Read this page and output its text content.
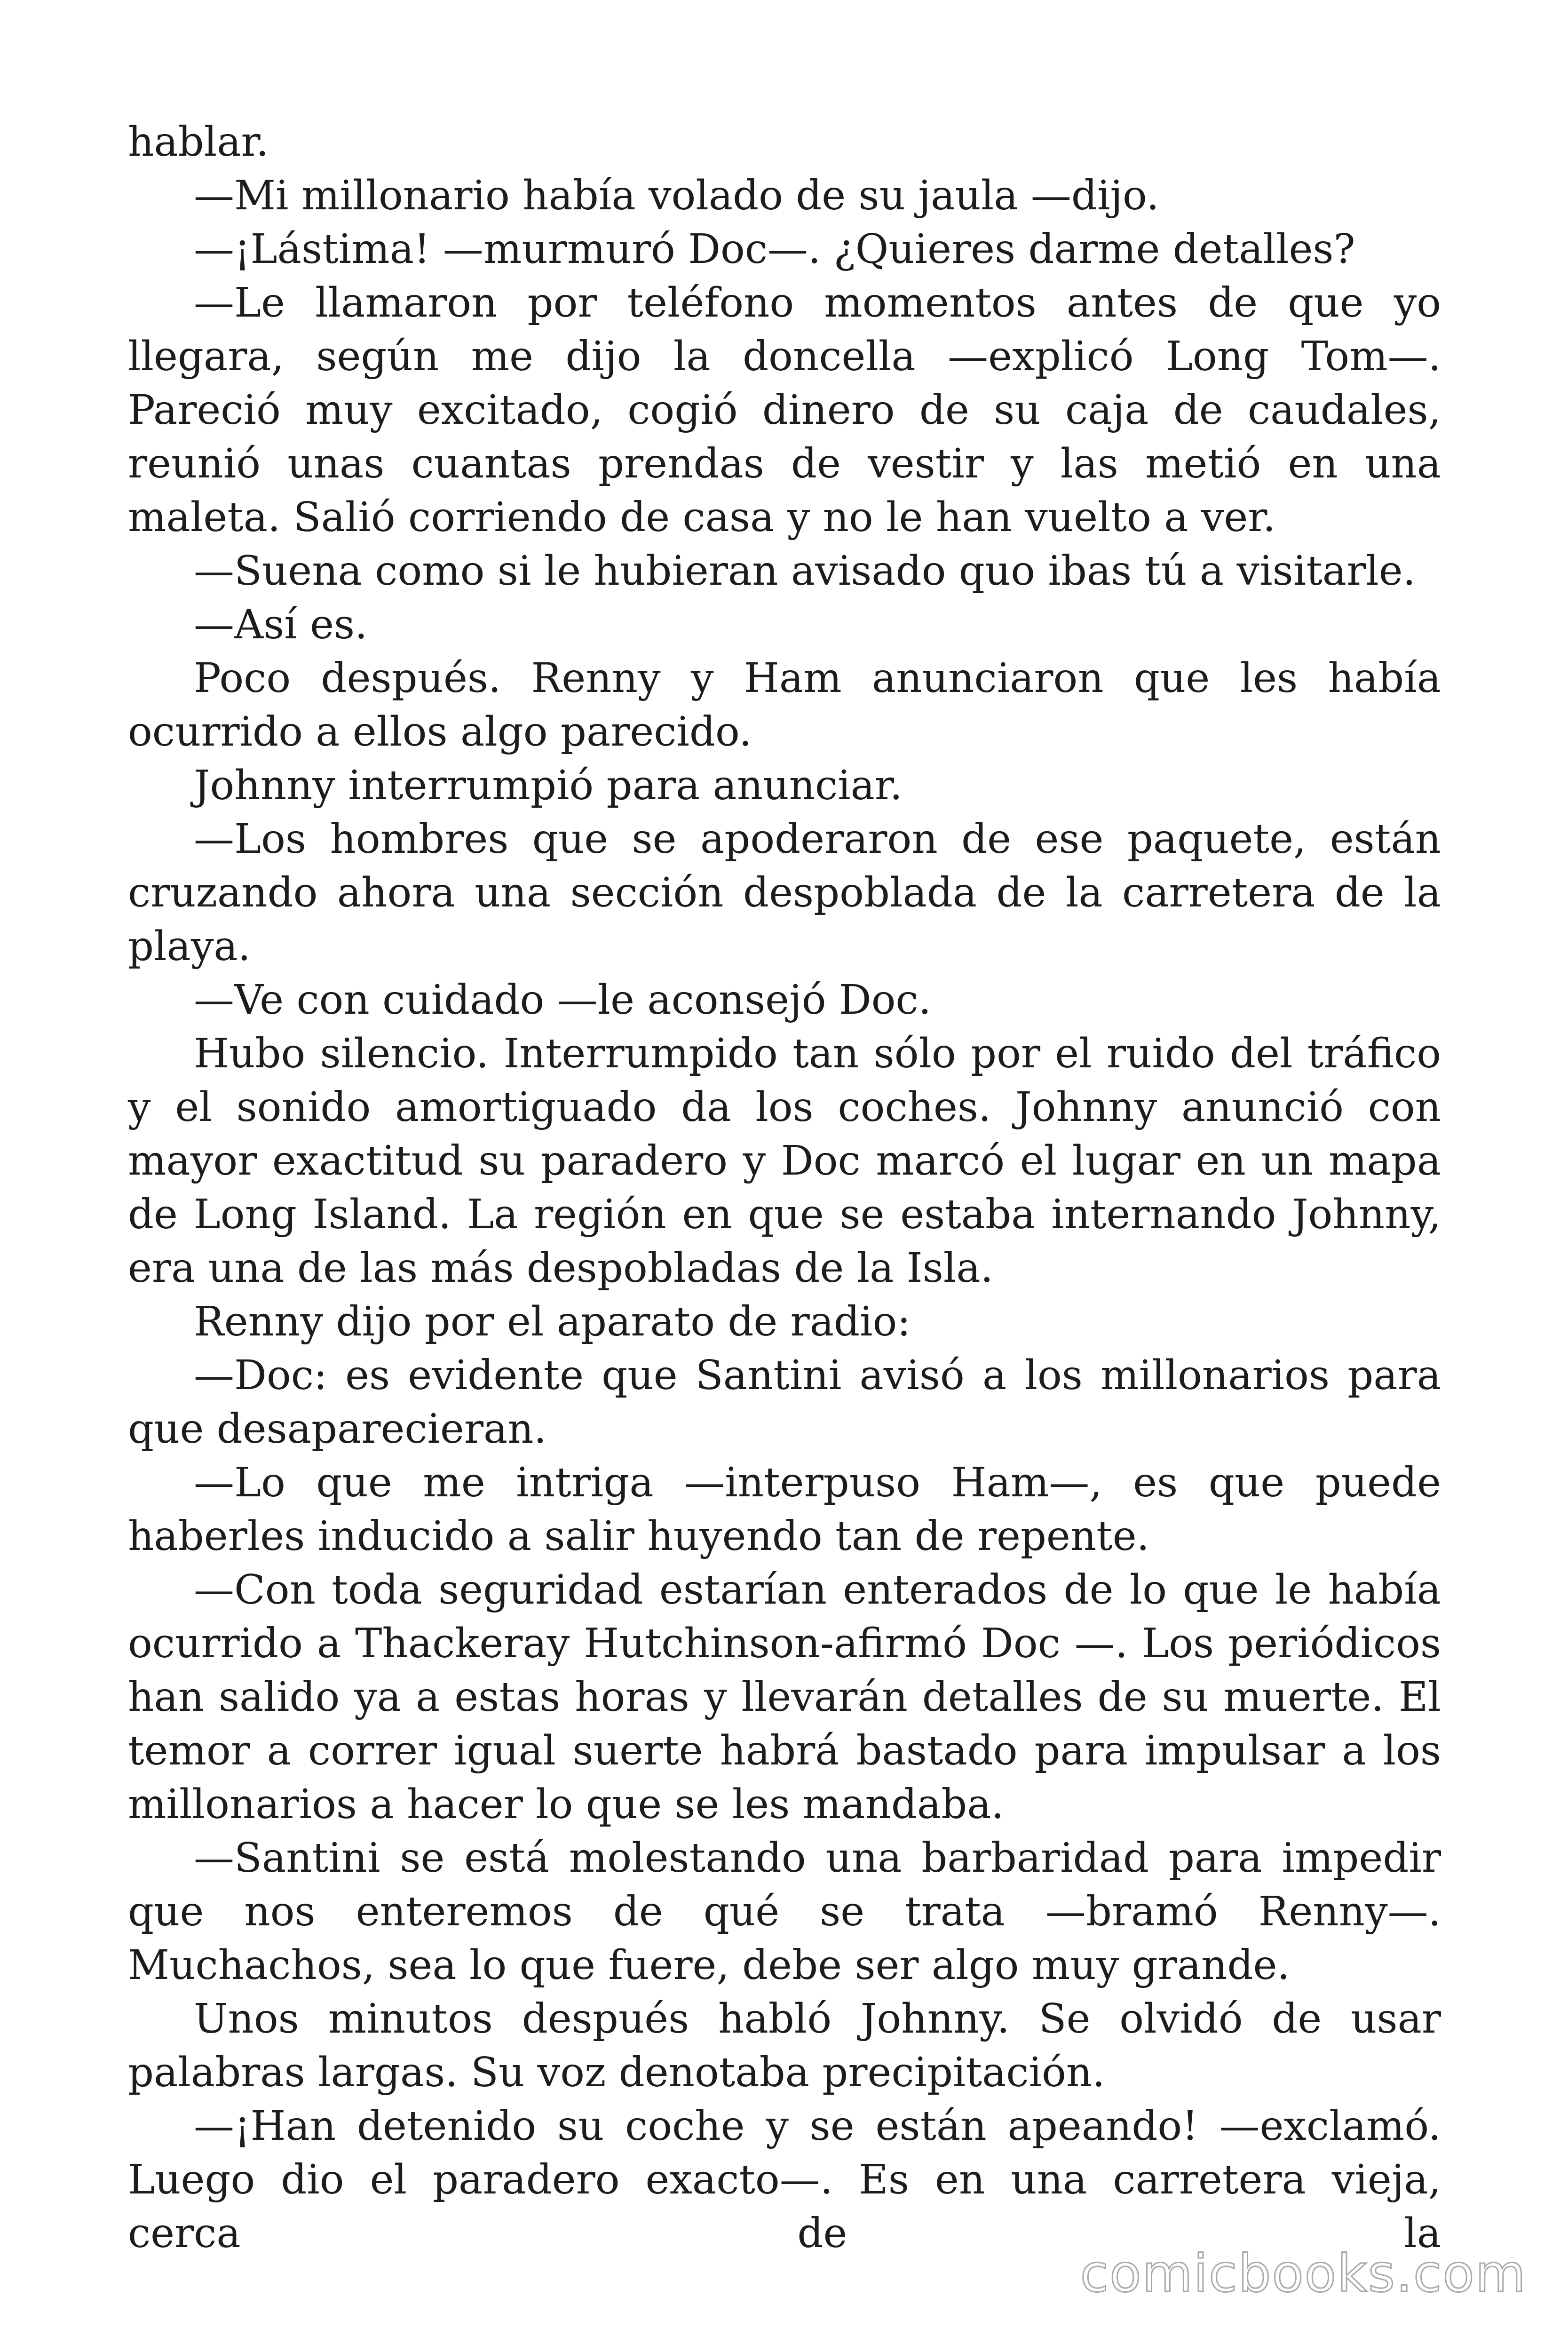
hablar.

—Mi millonario había volado de su jaula —dijo.

—¡Lástima! —murmuró Doc—. ¿Quieres darme detalles?

—Le llamaron por teléfono momentos antes de que yo llegara, según me dijo la doncella —explicó Long Tom—. Pareció muy excitado, cogió dinero de su caja de caudales, reunió unas cuantas prendas de vestir y las metió en una maleta. Salió corriendo de casa y no le han vuelto a ver.

—Suena como si le hubieran avisado quo ibas tú a visitarle.

—Así es.

Poco después. Renny y Ham anunciaron que les había ocurrido a ellos algo parecido.

Johnny interrumpió para anunciar.

—Los hombres que se apoderaron de ese paquete, están cruzando ahora una sección despoblada de la carretera de la playa.

—Ve con cuidado —le aconsejó Doc.

Hubo silencio. Interrumpido tan sólo por el ruido del tráfico y el sonido amortiguado da los coches. Johnny anunció con mayor exactitud su paradero y Doc marcó el lugar en un mapa de Long Island. La región en que se estaba internando Johnny, era una de las más despobladas de la Isla.

Renny dijo por el aparato de radio:

—Doc: es evidente que Santini avisó a los millonarios para que desaparecieran.

—Lo que me intriga —interpuso Ham—, es que puede haberles inducido a salir huyendo tan de repente.

—Con toda seguridad estarían enterados de lo que le había ocurrido a Thackeray Hutchinson-afirmó Doc —. Los periódicos han salido ya a estas horas y llevarán detalles de su muerte. El temor a correr igual suerte habrá bastado para impulsar a los millonarios a hacer lo que se les mandaba.

—Santini se está molestando una barbaridad para impedir que nos enteremos de qué se trata —bramó Renny—. Muchachos, sea lo que fuere, debe ser algo muy grande.

Unos minutos después habló Johnny. Se olvidó de usar palabras largas. Su voz denotaba precipitación.

—¡Han detenido su coche y se están apeando! —exclamó. Luego dio el paradero exacto—. Es en una carretera vieja, cerca de la

comicbooks.com
